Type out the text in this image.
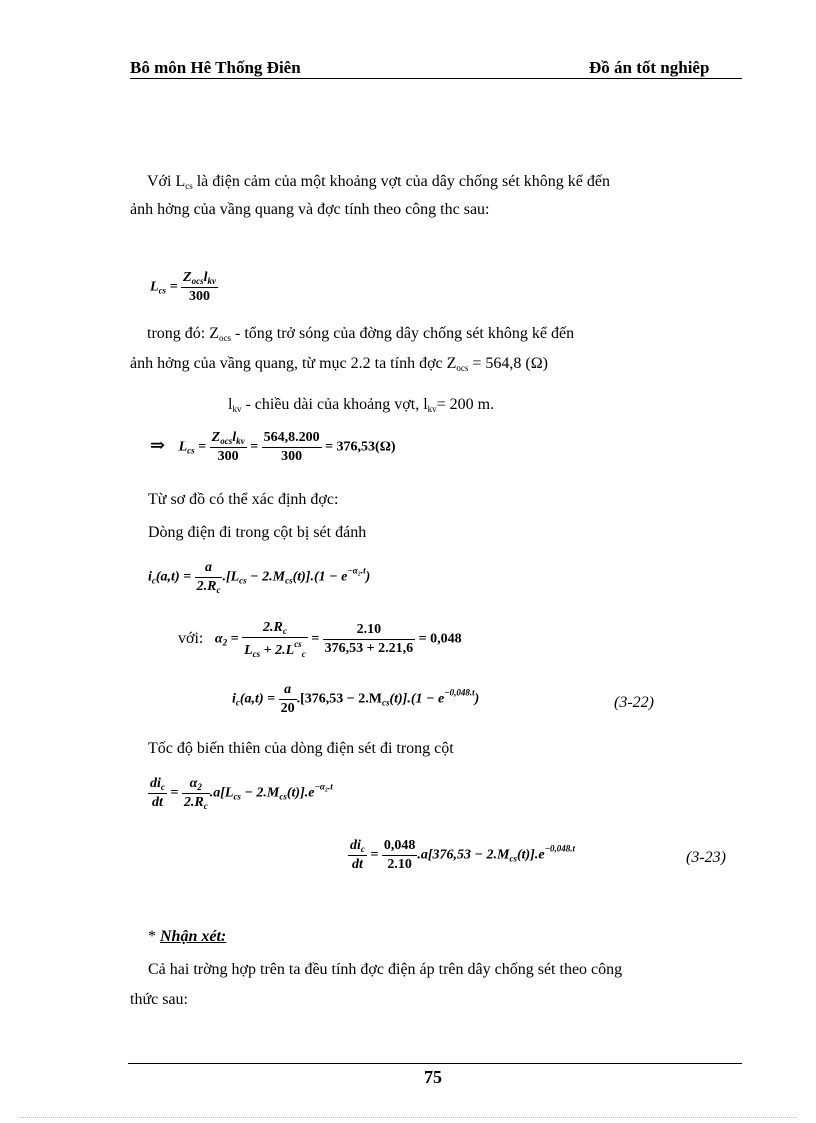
Bô môn Hê Thống Điên	Đồ án tốt nghiêp
Với $L_{cs}$ là điện cảm của một khoảng vợt của dây chống sét không kể đến
ảnh hởng của vầng quang và đợc tính theo công thc sau:
$L_{cs} = \frac{Z_{ocs}l_{kv}}{300}$
trong đó: $Z_{ocs}$ - tổng trở sóng của đờng dây chống sét không kể đến
ảnh hởng của vầng quang, từ mục 2.2 ta tính đợc $Z_{ocs} = 564,8$ (Ω)
$l_{kv}$ - chiều dài của khoảng vợt, $l_{kv}= 200$ m.
⇒ $L_{cs} = \frac{Z_{ocs}l_{kv}}{300} = \frac{564,8.200}{300} = 376,53(\Omega)$
Từ sơ đồ có thể xác định đợc:
Dòng điện đi trong cột bị sét đánh
$i_c(a,t) = \frac{a}{2.R_c} .[L_{cs} - 2.M_{cs}(t)].(1 - e^{-\alpha_2.t})$
với: $\alpha_2 = \frac{2.R_c}{L_{cs} + 2.L^{cs}_c} = \frac{2.10}{376,53 + 2.21,6} = 0,048$
$i_c(a,t) = \frac{a}{20} .[376,53 - 2.M_{cs}(t)].(1 - e^{-0,048.t})$	(3-22)
Tốc độ biến thiên của dòng điện sét đi trong cột
$\frac{di_c}{dt} = \frac{\alpha_2}{2.R_c} .a[L_{cs} - 2.M_{cs}(t)].e^{-\alpha_2.t}$
$\frac{di_c}{dt} = \frac{0,048}{2.10} .a[376,53 - 2.M_{cs}(t)].e^{-0,048.t}$
(3-23)
* Nhận xét:
Cả hai trờng hợp trên ta đều tính đợc điện áp trên dây chống sét theo công
thức sau:
75
